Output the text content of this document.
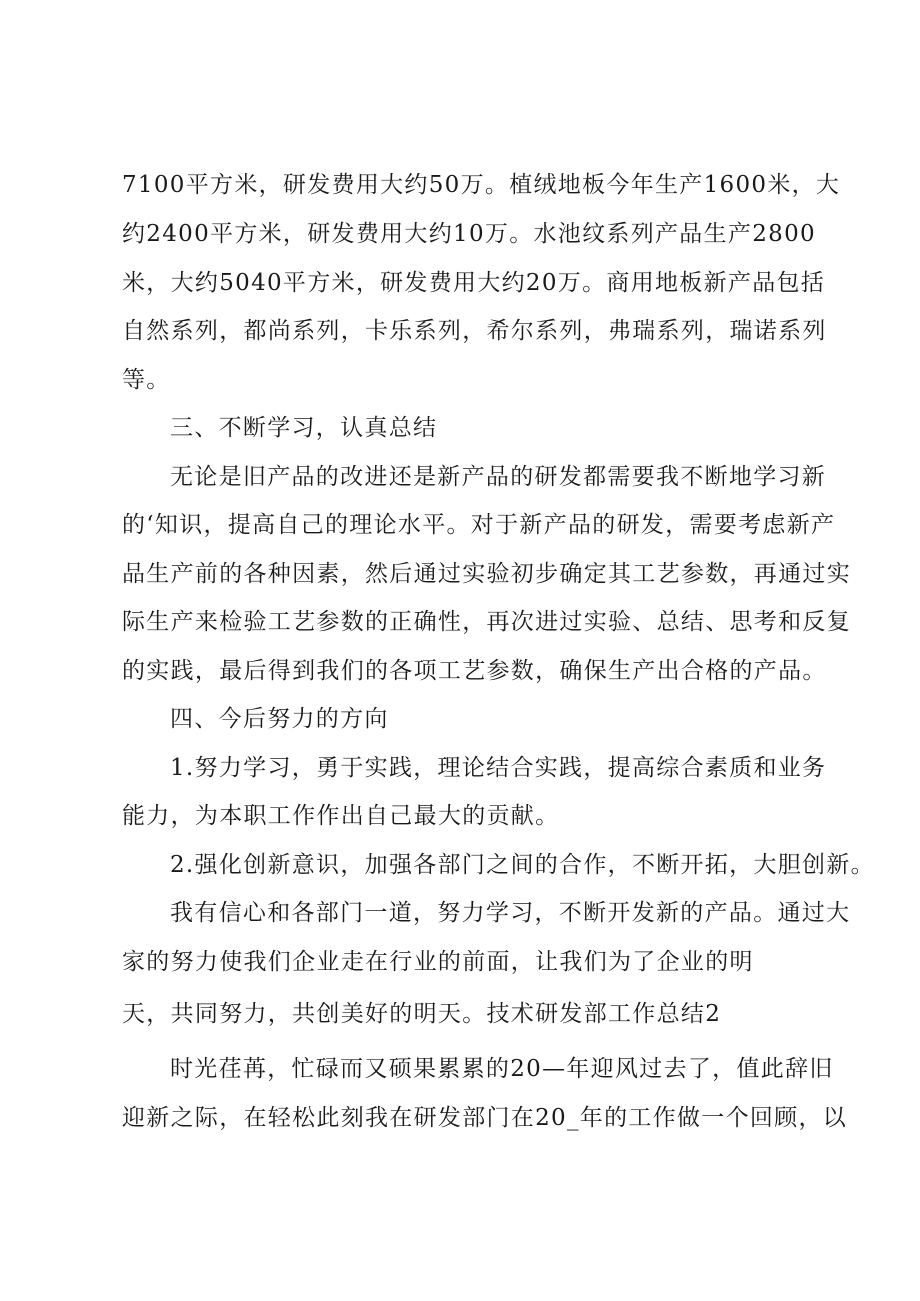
7100平方米，研发费用大约50万。植绒地板今年生产1600米，大
约2400平方米，研发费用大约10万。水池纹系列产品生产2800
米，大约5040平方米，研发费用大约20万。商用地板新产品包括
自然系列，都尚系列，卡乐系列，希尔系列，弗瑞系列，瑞诺系列
等。
三、不断学习，认真总结
无论是旧产品的改进还是新产品的研发都需要我不断地学习新
的‘知识，提高自己的理论水平。对于新产品的研发，需要考虑新产
品生产前的各种因素，然后通过实验初步确定其工艺参数，再通过实
际生产来检验工艺参数的正确性，再次进过实验、总结、思考和反复
的实践，最后得到我们的各项工艺参数，确保生产出合格的产品。
四、今后努力的方向
1.努力学习，勇于实践，理论结合实践，提高综合素质和业务
能力，为本职工作作出自己最大的贡献。
2.强化创新意识，加强各部门之间的合作，不断开拓，大胆创新。
我有信心和各部门一道，努力学习，不断开发新的产品。通过大
家的努力使我们企业走在行业的前面，让我们为了企业的明
天，共同努力，共创美好的明天。技术研发部工作总结2
时光荏苒，忙碌而又硕果累累的20—年迎风过去了，值此辞旧
迎新之际，在轻松此刻我在研发部门在20_年的工作做一个回顾，以
